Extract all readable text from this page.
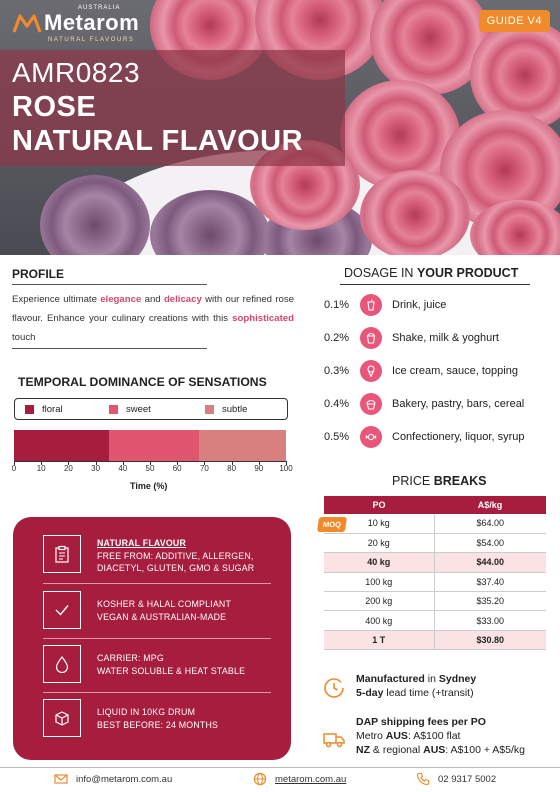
Metarom
AUSTRALIA
NATURAL FLAVOURS
GUIDE V4
AMR0823
ROSE
NATURAL FLAVOUR
PROFILE
Experience ultimate elegance and delicacy with our refined rose flavour. Enhance your culinary creations with this sophisticated touch
TEMPORAL DOMINANCE OF SENSATIONS
floral	sweet	subtle
0	10	20	30	40	50	60	70	80	90	100
Time (%)
NATURAL FLAVOUR
FREE FROM: ADDITIVE, ALLERGEN,
DIACETYL, GLUTEN, GMO & SUGAR
KOSHER & HALAL COMPLIANT
VEGAN & AUSTRALIAN-MADE
CARRIER: MPG
WATER SOLUBLE & HEAT STABLE
LIQUID IN 10KG DRUM
BEST BEFORE: 24 MONTHS
DOSAGE IN YOUR PRODUCT
0.1%	Drink, juice
0.2%	Shake, milk & yoghurt
0.3%	Ice cream, sauce, topping
0.4%	Bakery, pastry, bars, cereal
0.5%	Confectionery, liquor, syrup
PRICE BREAKS
PO	A$/kg
10 kg	$64.00
20 kg	$54.00
40 kg	$44.00
100 kg	$37.40
200 kg	$35.20
400 kg	$33.00
1 T	$30.80
MOQ
Manufactured in Sydney
5-day lead time (+transit)
DAP shipping fees per PO
Metro AUS: A$100 flat
NZ & regional AUS: A$100 + A$5/kg
info@metarom.com.au	metarom.com.au	02 9317 5002
